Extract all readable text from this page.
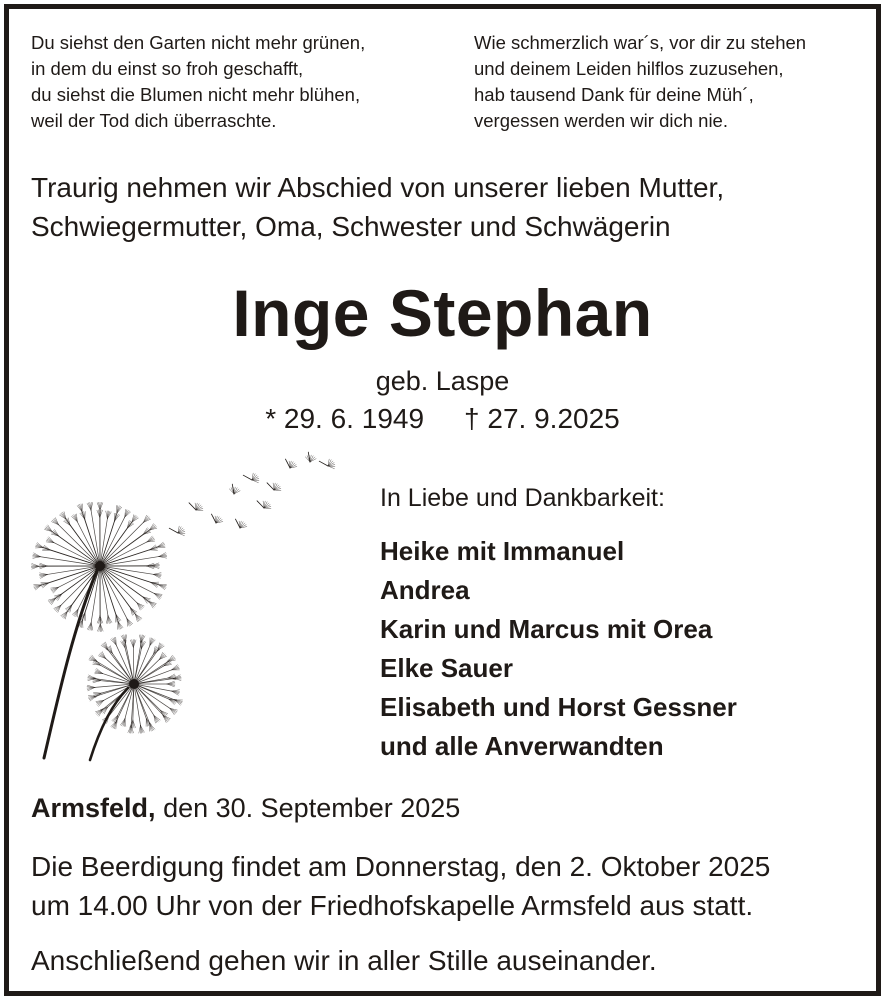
Du siehst den Garten nicht mehr grünen,
in dem du einst so froh geschafft,
du siehst die Blumen nicht mehr blühen,
weil der Tod dich überraschte.
Wie schmerzlich war´s, vor dir zu stehen
und deinem Leiden hilflos zuzusehen,
hab tausend Dank für deine Müh´,
vergessen werden wir dich nie.
Traurig nehmen wir Abschied von unserer lieben Mutter,
Schwiegermutter, Oma, Schwester und Schwägerin
Inge Stephan
geb. Laspe
* 29. 6. 1949 † 27. 9.2025
In Liebe und Dankbarkeit:
Heike mit Immanuel
Andrea
Karin und Marcus mit Orea
Elke Sauer
Elisabeth und Horst Gessner
und alle Anverwandten
Armsfeld, den 30. September 2025
Die Beerdigung findet am Donnerstag, den 2. Oktober 2025
um 14.00 Uhr von der Friedhofskapelle Armsfeld aus statt.
Anschließend gehen wir in aller Stille auseinander.
